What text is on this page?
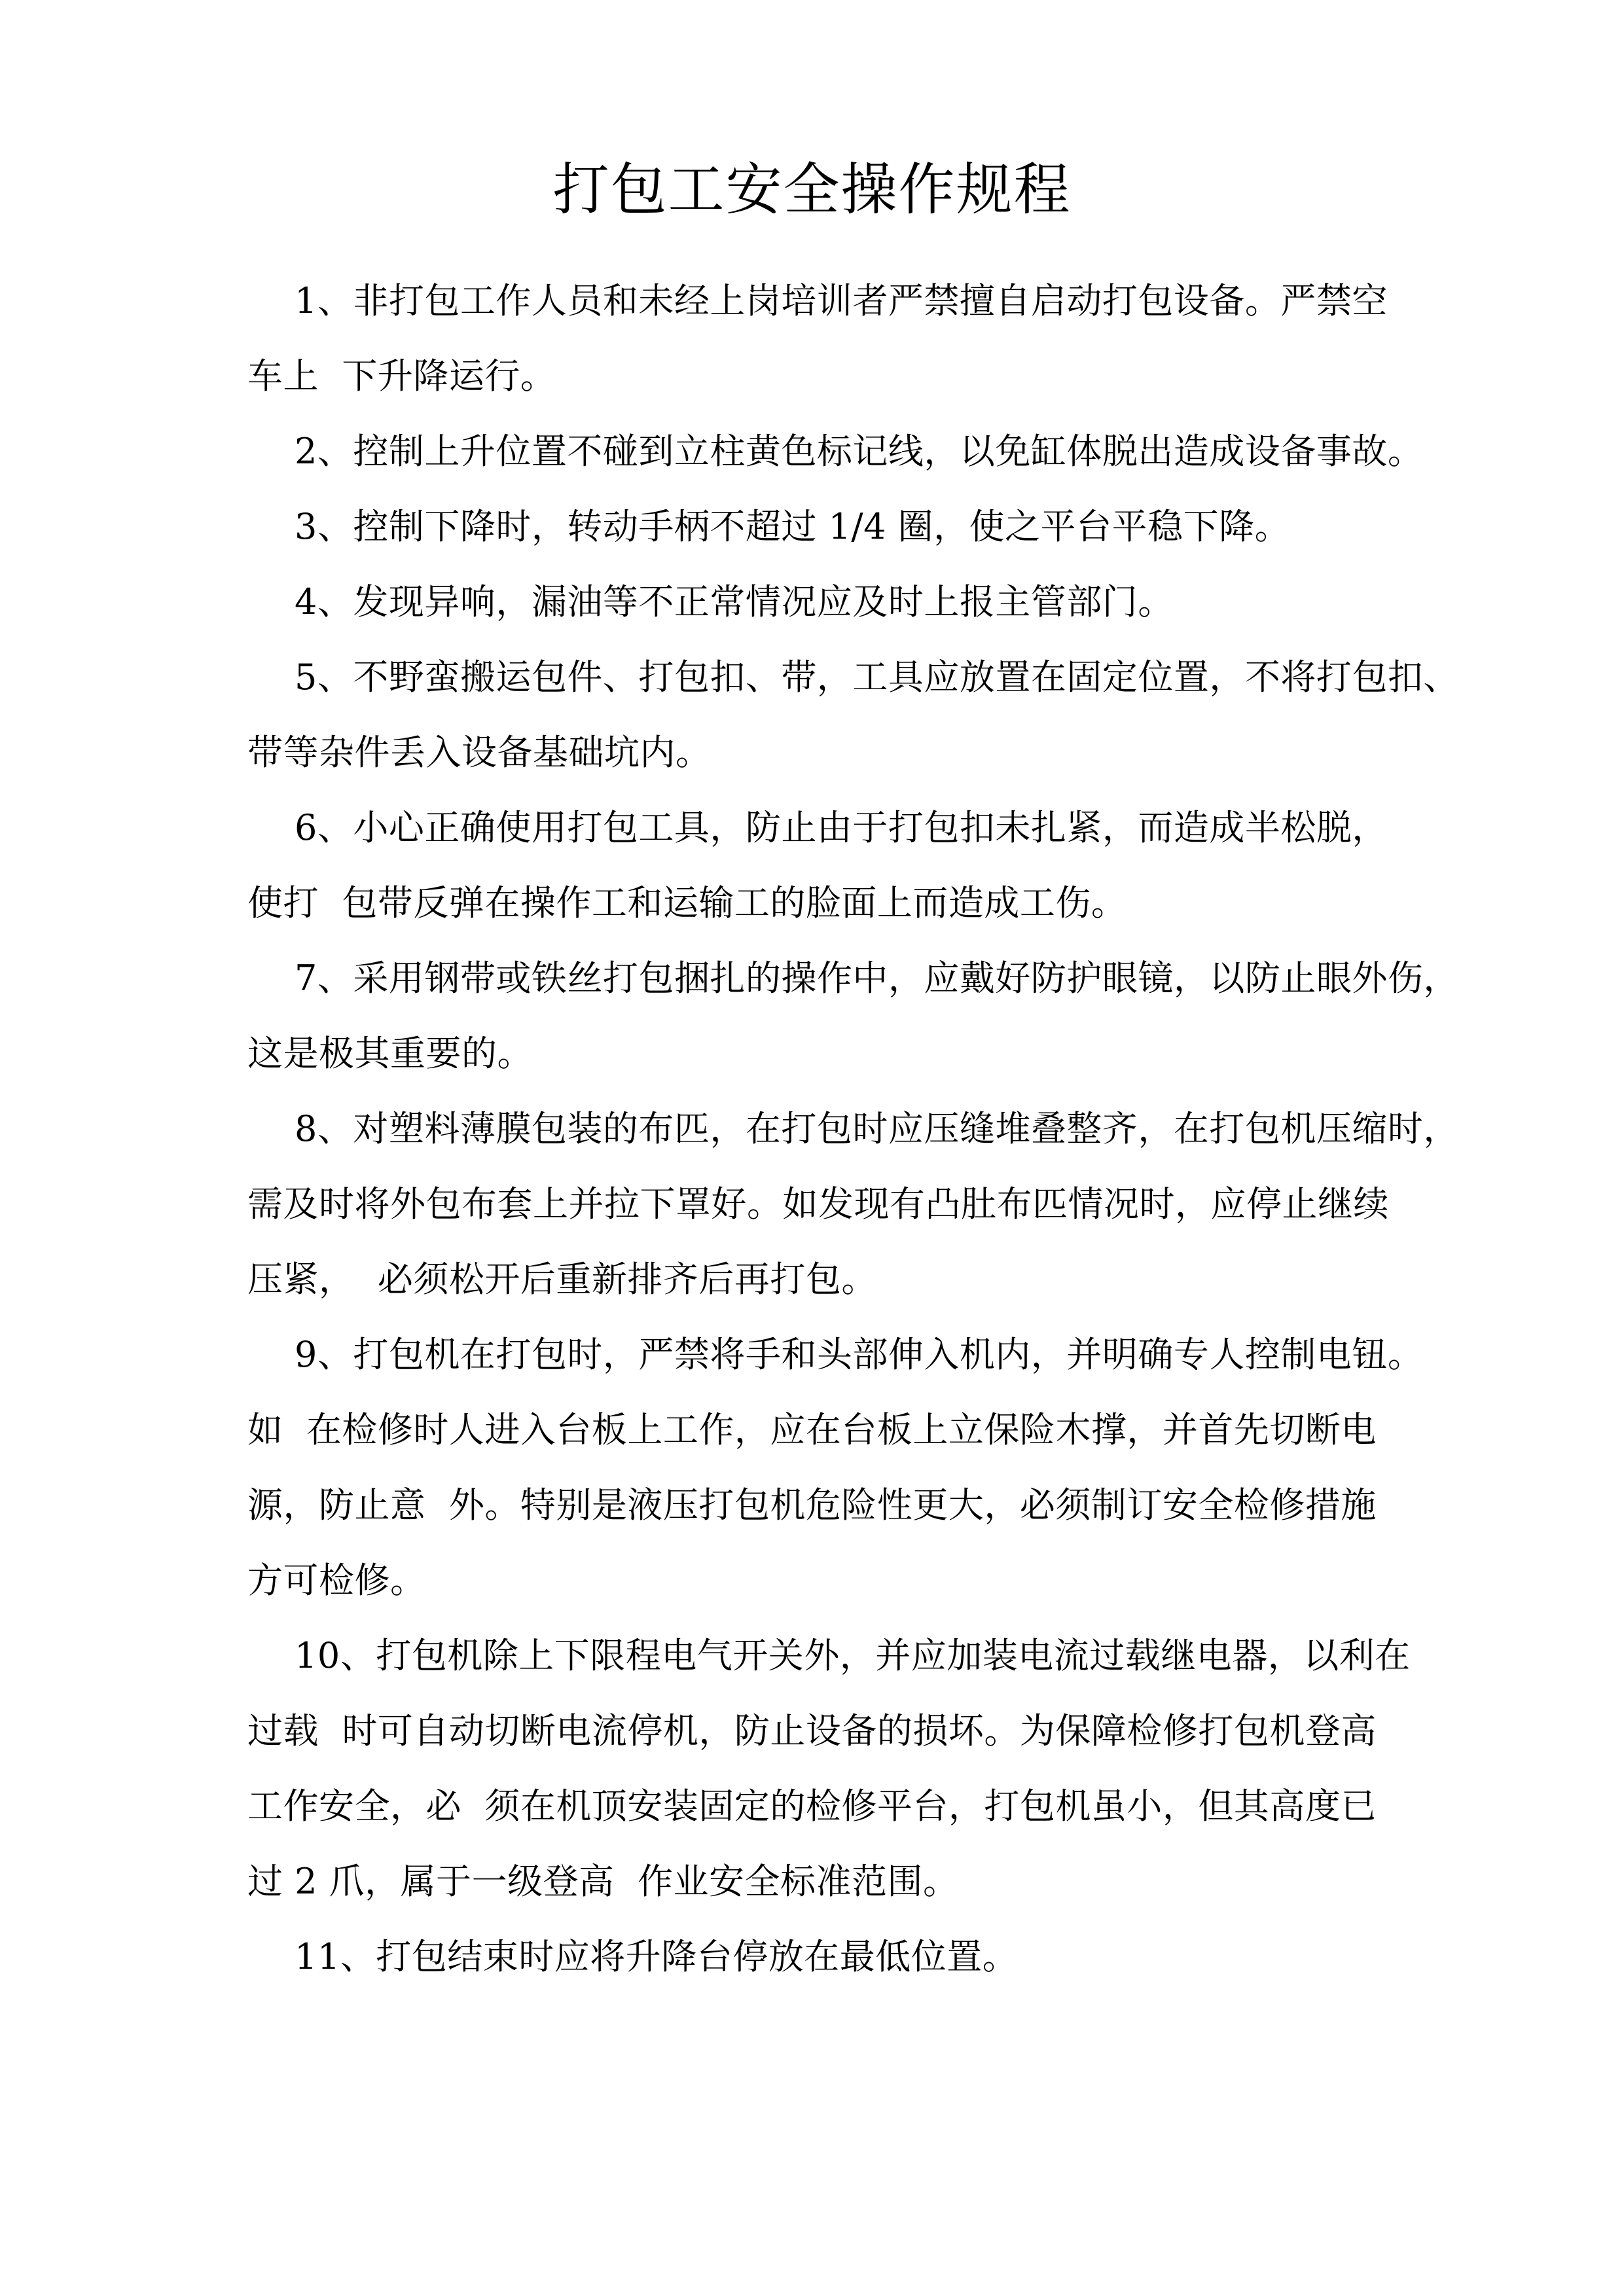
打包工安全操作规程
1、非打包工作人员和未经上岗培训者严禁擅自启动打包设备。严禁空
车上  下升降运行。
2、控制上升位置不碰到立柱黄色标记线，以免缸体脱出造成设备事故。
3、控制下降时，转动手柄不超过 1/4 圈，使之平台平稳下降。
4、发现异响，漏油等不正常情况应及时上报主管部门。
5、不野蛮搬运包件、打包扣、带，工具应放置在固定位置，不将打包扣、
带等杂件丢入设备基础坑内。
6、小心正确使用打包工具，防止由于打包扣未扎紧，而造成半松脱，
使打  包带反弹在操作工和运输工的脸面上而造成工伤。
7、采用钢带或铁丝打包捆扎的操作中，应戴好防护眼镜，以防止眼外伤，
这是极其重要的。
8、对塑料薄膜包装的布匹，在打包时应压缝堆叠整齐，在打包机压缩时，
需及时将外包布套上并拉下罩好。如发现有凸肚布匹情况时，应停止继续
压紧，  必须松开后重新排齐后再打包。
9、打包机在打包时，严禁将手和头部伸入机内，并明确专人控制电钮。
如  在检修时人进入台板上工作，应在台板上立保险木撑，并首先切断电
源，防止意  外。特别是液压打包机危险性更大，必须制订安全检修措施
方可检修。
10、打包机除上下限程电气开关外，并应加装电流过载继电器，以利在
过载  时可自动切断电流停机，防止设备的损坏。为保障检修打包机登高
工作安全，必  须在机顶安装固定的检修平台，打包机虽小，但其高度已
过 2 爪，属于一级登高  作业安全标准范围。
11、打包结束时应将升降台停放在最低位置。
